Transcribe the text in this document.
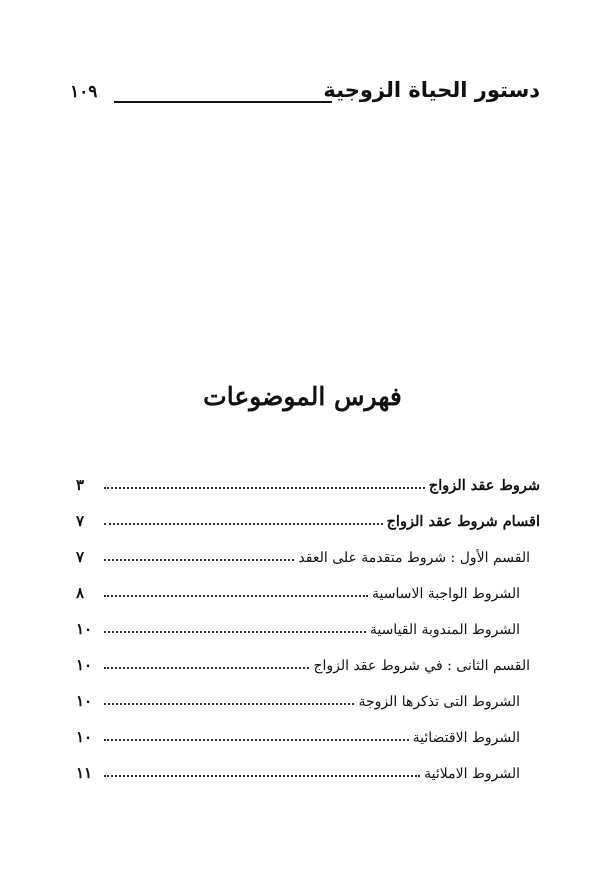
دستور الحياة الزوجية
١٠٩
فهرس الموضوعات
شروط عقد الزواج
٣
اقسام شروط عقد الزواج
٧
القسم الأول : شروط متقدمة على العقد
٧
الشروط الواجبة الاساسية
٨
الشروط المندوبة القياسية
١٠
القسم الثانى : في شروط عقد الزواج
١٠
الشروط التى تذكرها الزوجة
١٠
الشروط الاقتضائية
١٠
الشروط الاملائية
١١
